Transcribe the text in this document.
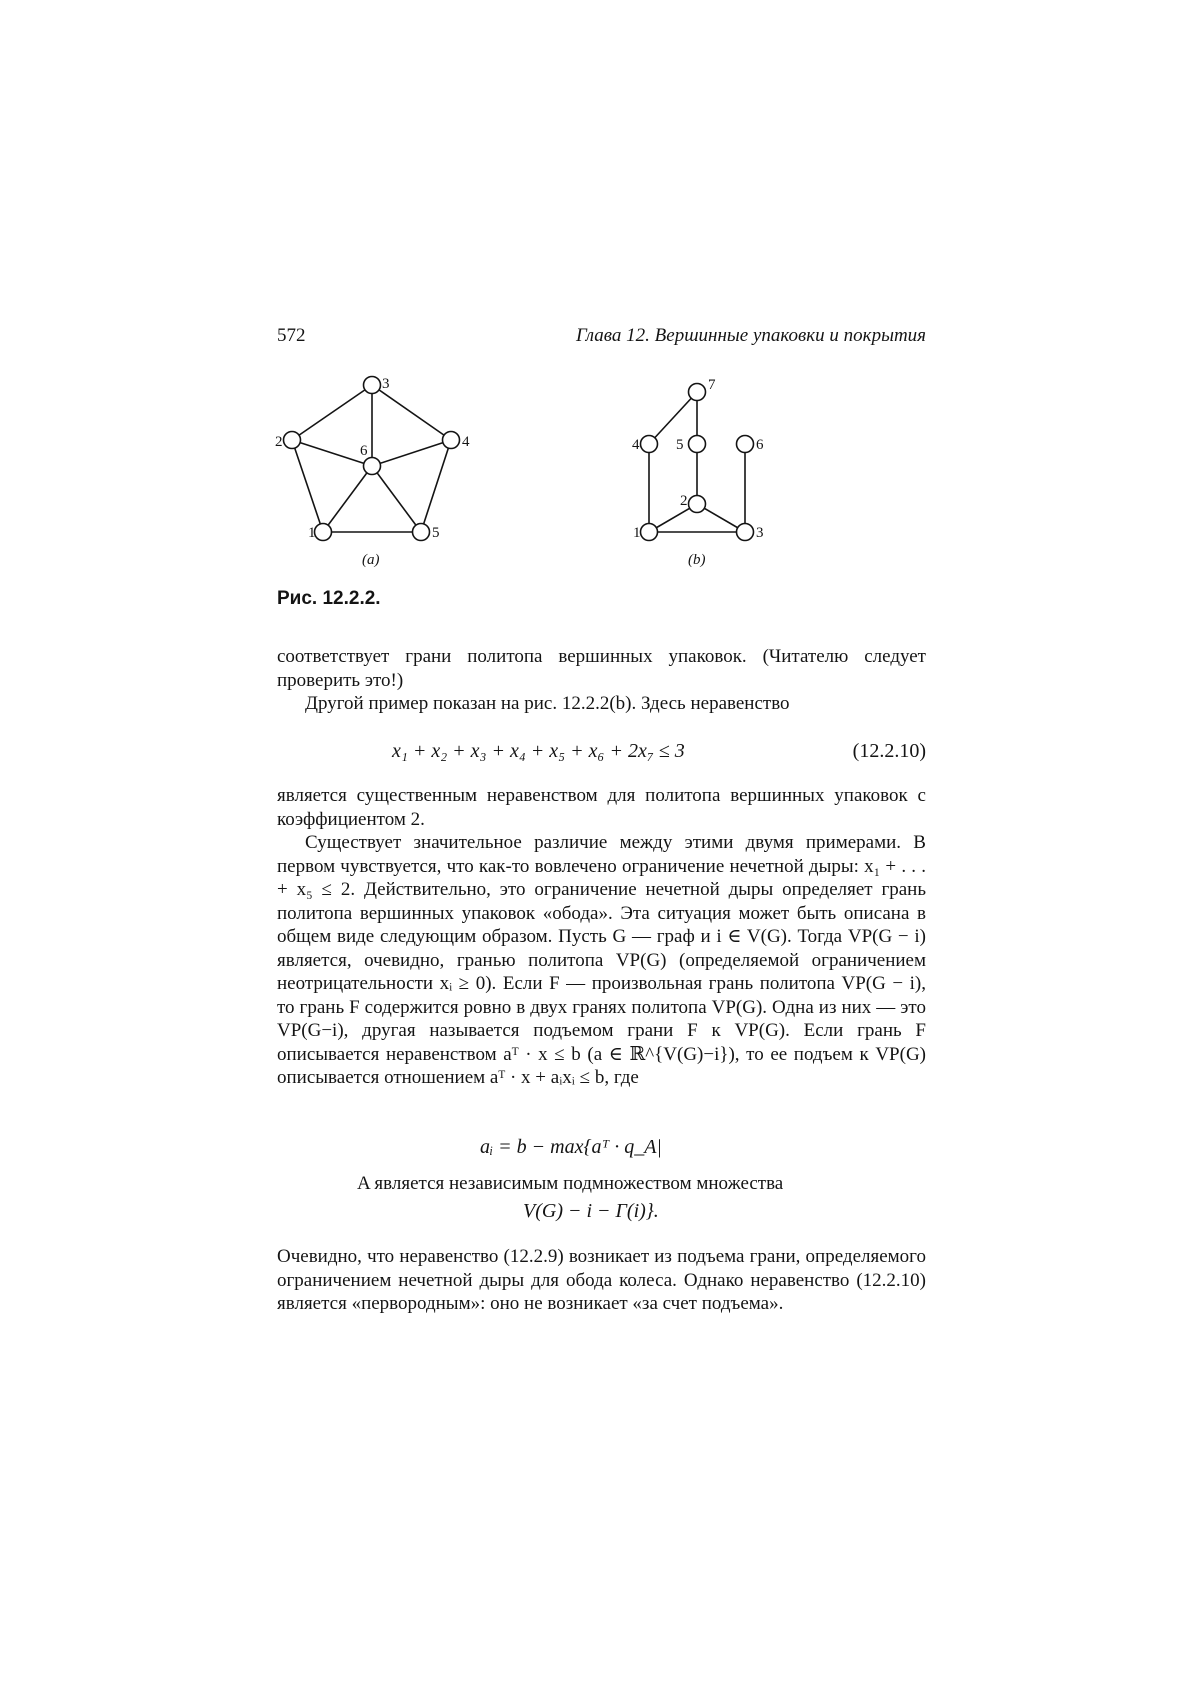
572	Глава 12. Вершинные упаковки и покрытия
1
2
3
4
5
6
(a)
1
2
3
4 5	6
7
(b)
Рис. 12.2.2.

соответствует грани политопа вершинных упаковок. (Читателю следует проверить это!)

Другой пример показан на рис. 12.2.2(b). Здесь неравенство

x₁ + x₂ + x₃ + x₄ + x₅ + x₆ + 2x₇ ≤ 3	(12.2.10)

является существенным неравенством для политопа вершинных упаковок с коэффициентом 2.

Существует значительное различие между этими двумя примерами. В первом чувствуется, что как-то вовлечено ограничение нечетной дыры: x₁ + . . . + x₅ ≤ 2. Действительно, это ограничение нечетной дыры определяет грань политопа вершинных упаковок «обода». Эта ситуация может быть описана в общем виде следующим образом. Пусть G — граф и i ∈ V(G). Тогда VP(G − i) является, очевидно, гранью политопа VP(G) (определяемой ограничением неотрицательности xᵢ ≥ 0). Если F — произвольная грань политопа VP(G − i), то грань F содержится ровно в двух гранях политопа VP(G). Одна из них — это VP(G−i), другая называется подъемом грани F к VP(G). Если грань F описывается неравенством aᵀ · x ≤ b (a ∈ ℝ^{V(G)−i}), то ее подъем к VP(G) описывается отношением aᵀ · x + aᵢxᵢ ≤ b, где

aᵢ = b − max{aᵀ · q_A|
A является независимым подмножеством множества
V(G) − i − Γ(i)}.

Очевидно, что неравенство (12.2.9) возникает из подъема грани, определяемого ограничением нечетной дыры для обода колеса. Однако неравенство (12.2.10) является «первородным»: оно не возникает «за счет подъема».
